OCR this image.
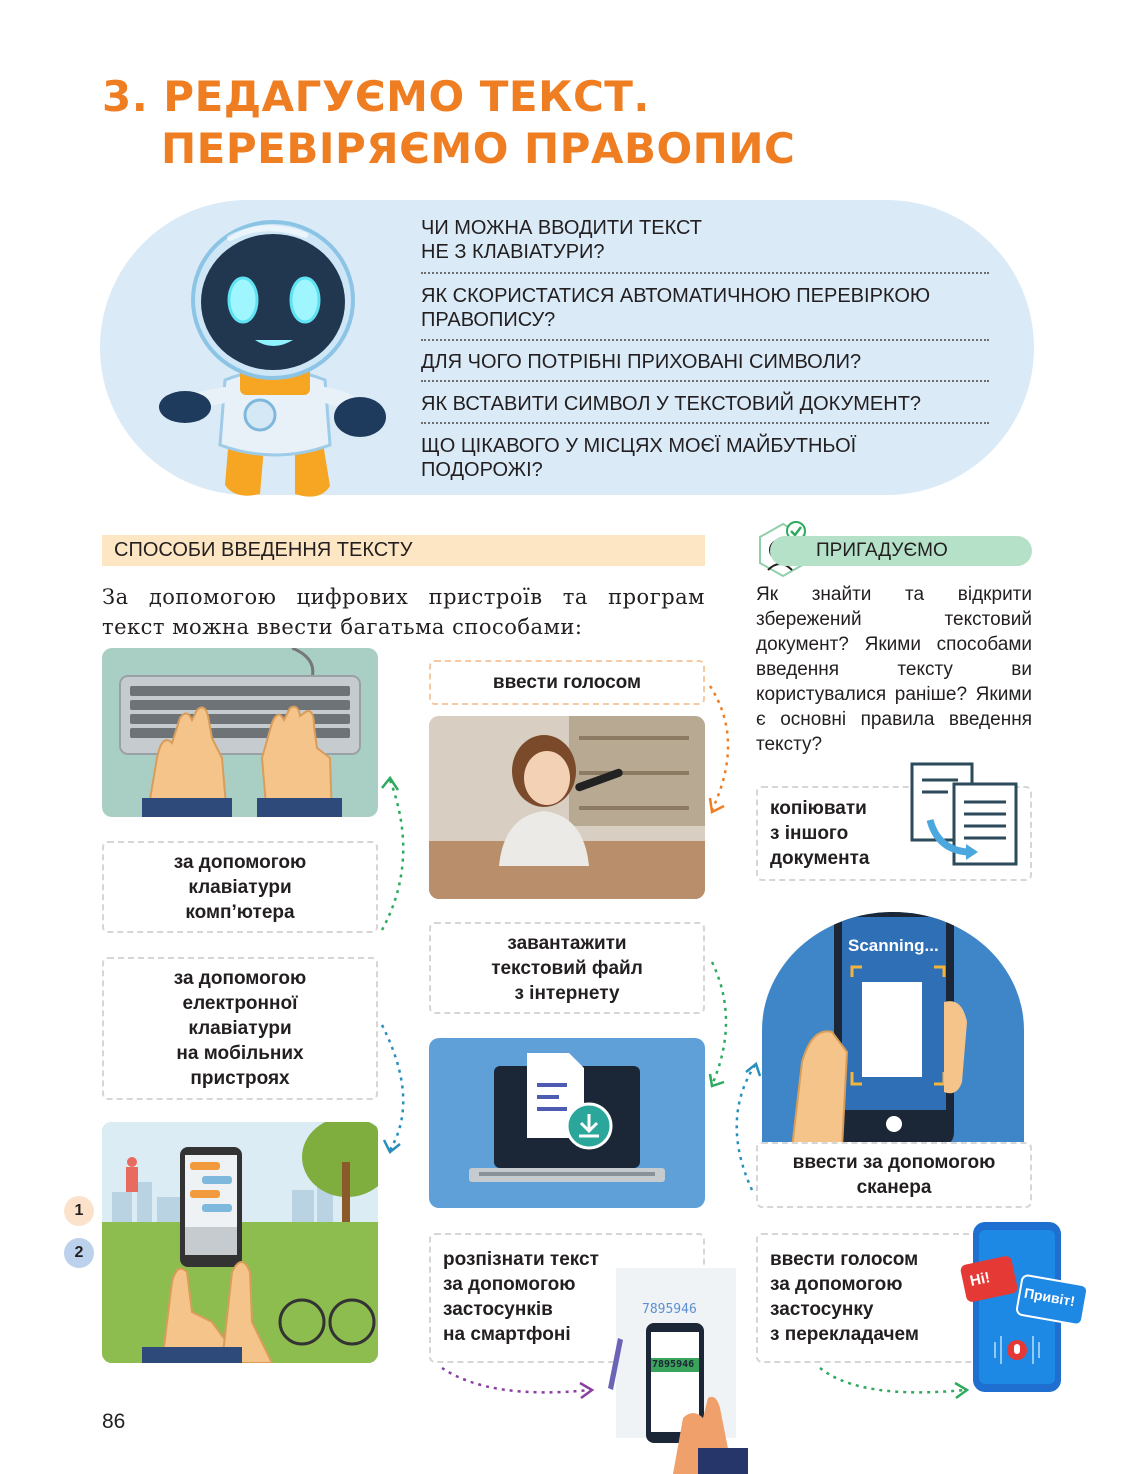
3. РЕДАГУЄМО ТЕКСТ.
ПЕРЕВІРЯЄМО ПРАВОПИС
ЧИ МОЖНА ВВОДИТИ ТЕКСТ
НЕ З КЛАВІАТУРИ?
ЯК СКОРИСТАТИСЯ АВТОМАТИЧНОЮ ПЕРЕВІРКОЮ
ПРАВОПИСУ?
ДЛЯ ЧОГО ПОТРІБНІ ПРИХОВАНІ СИМВОЛИ?
ЯК ВСТАВИТИ СИМВОЛ У ТЕКСТОВИЙ ДОКУМЕНТ?
ЩО ЦІКАВОГО У МІСЦЯХ МОЄЇ МАЙБУТНЬОЇ
ПОДОРОЖІ?
СПОСОБИ ВВЕДЕННЯ ТЕКСТУ
За допомогою цифрових пристроїв та програм текст можна ввести багатьма способами:
за допомогою
клавіатури
комп’ютера
за допомогою
електронної
клавіатури
на мобільних
пристроях
1
2
ввести голосом
завантажити
текстовий файл
з інтернету
розпізнати текст
за допомогою
застосунків
на смартфоні
7895946
7895946
ПРИГАДУЄМО
Як знайти та відкрити збережений текстовий документ? Якими способами введення тексту ви користувалися раніше? Якими є основні правила введення тексту?
копіювати
з іншого
документа
Scanning...
ввести за допомогою
сканера
ввести голосом
за допомогою
застосунку
з перекладачем
Hi!
Привіт!
86
